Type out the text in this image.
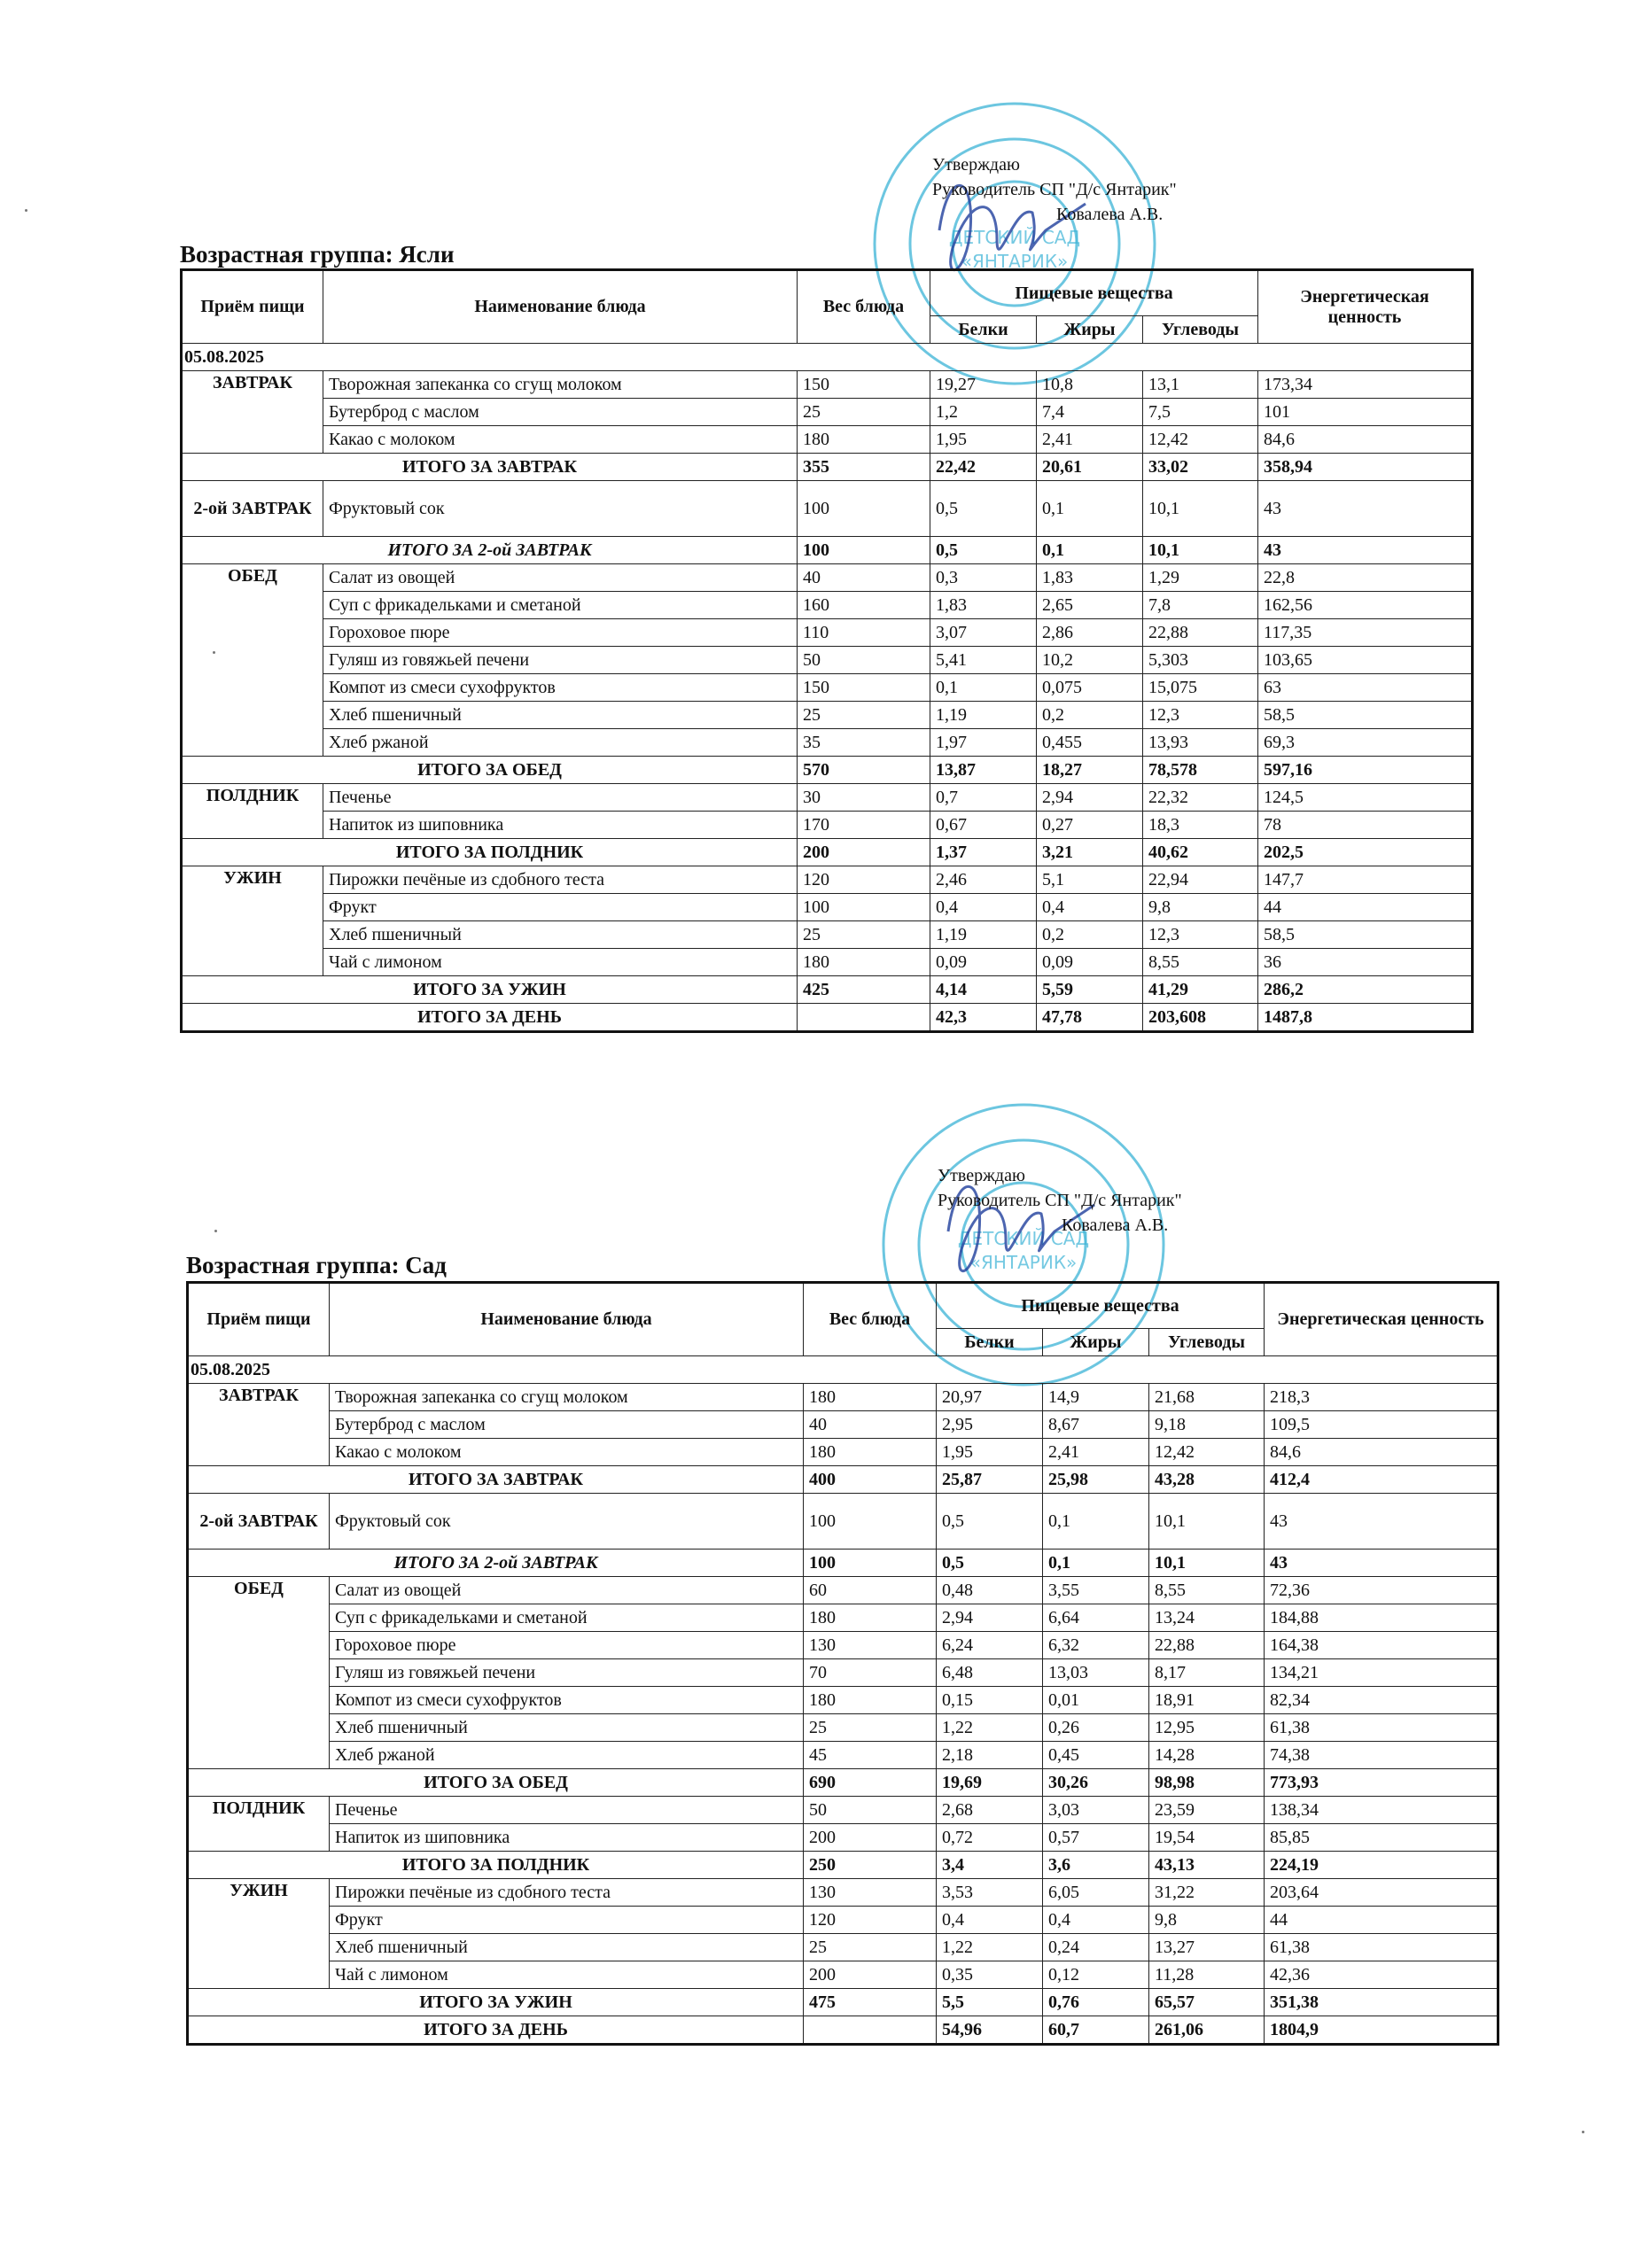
ДЕТСКИЙ САД
«ЯНТАРИК»
ДЕТСКИЙ САД
«ЯНТАРИК»
Утверждаю
Руководитель СП "Д/с Янтарик"
Ковалева А.В.
Утверждаю
Руководитель СП "Д/с Янтарик"
Ковалева А.В.
Возрастная группа: Ясли
Возрастная группа: Сад
Приём пищи	Наименование блюда	Вес блюда	Пищевые вещества			Энергетическая ценность
			Белки	Жиры	Углеводы	
05.08.2025						
ЗАВТРАК	Творожная запеканка со сгущ молоком	150	19,27	10,8	13,1	173,34
	Бутерброд с маслом	25	1,2	7,4	7,5	101
	Какао с молоком	180	1,95	2,41	12,42	84,6
ИТОГО ЗА ЗАВТРАК		355	22,42	20,61	33,02	358,94
2-ой ЗАВТРАК	Фруктовый сок	100	0,5	0,1	10,1	43
ИТОГО ЗА 2-ой ЗАВТРАК		100	0,5	0,1	10,1	43
ОБЕД	Салат из овощей	40	0,3	1,83	1,29	22,8
	Суп с фрикадельками и сметаной	160	1,83	2,65	7,8	162,56
	Гороховое пюре	110	3,07	2,86	22,88	117,35
	Гуляш из говяжьей печени	50	5,41	10,2	5,303	103,65
	Компот из смеси сухофруктов	150	0,1	0,075	15,075	63
	Хлеб пшеничный	25	1,19	0,2	12,3	58,5
	Хлеб ржаной	35	1,97	0,455	13,93	69,3
ИТОГО ЗА ОБЕД		570	13,87	18,27	78,578	597,16
ПОЛДНИК	Печенье	30	0,7	2,94	22,32	124,5
	Напиток из шиповника	170	0,67	0,27	18,3	78
ИТОГО ЗА ПОЛДНИК		200	1,37	3,21	40,62	202,5
УЖИН	Пирожки печёные из сдобного теста	120	2,46	5,1	22,94	147,7
	Фрукт	100	0,4	0,4	9,8	44
	Хлеб пшеничный	25	1,19	0,2	12,3	58,5
	Чай с лимоном	180	0,09	0,09	8,55	36
ИТОГО ЗА УЖИН		425	4,14	5,59	41,29	286,2
ИТОГО ЗА ДЕНЬ			42,3	47,78	203,608	1487,8
Приём пищи	Наименование блюда	Вес блюда	Пищевые вещества			Энергетическая ценность
			Белки	Жиры	Углеводы	
05.08.2025						
ЗАВТРАК	Творожная запеканка со сгущ молоком	180	20,97	14,9	21,68	218,3
	Бутерброд с маслом	40	2,95	8,67	9,18	109,5
	Какао с молоком	180	1,95	2,41	12,42	84,6
ИТОГО ЗА ЗАВТРАК		400	25,87	25,98	43,28	412,4
2-ой ЗАВТРАК	Фруктовый сок	100	0,5	0,1	10,1	43
ИТОГО ЗА 2-ой ЗАВТРАК		100	0,5	0,1	10,1	43
ОБЕД	Салат из овощей	60	0,48	3,55	8,55	72,36
	Суп с фрикадельками и сметаной	180	2,94	6,64	13,24	184,88
	Гороховое пюре	130	6,24	6,32	22,88	164,38
	Гуляш из говяжьей печени	70	6,48	13,03	8,17	134,21
	Компот из смеси сухофруктов	180	0,15	0,01	18,91	82,34
	Хлеб пшеничный	25	1,22	0,26	12,95	61,38
	Хлеб ржаной	45	2,18	0,45	14,28	74,38
ИТОГО ЗА ОБЕД		690	19,69	30,26	98,98	773,93
ПОЛДНИК	Печенье	50	2,68	3,03	23,59	138,34
	Напиток из шиповника	200	0,72	0,57	19,54	85,85
ИТОГО ЗА ПОЛДНИК		250	3,4	3,6	43,13	224,19
УЖИН	Пирожки печёные из сдобного теста	130	3,53	6,05	31,22	203,64
	Фрукт	120	0,4	0,4	9,8	44
	Хлеб пшеничный	25	1,22	0,24	13,27	61,38
	Чай с лимоном	200	0,35	0,12	11,28	42,36
ИТОГО ЗА УЖИН		475	5,5	0,76	65,57	351,38
ИТОГО ЗА ДЕНЬ			54,96	60,7	261,06	1804,9
